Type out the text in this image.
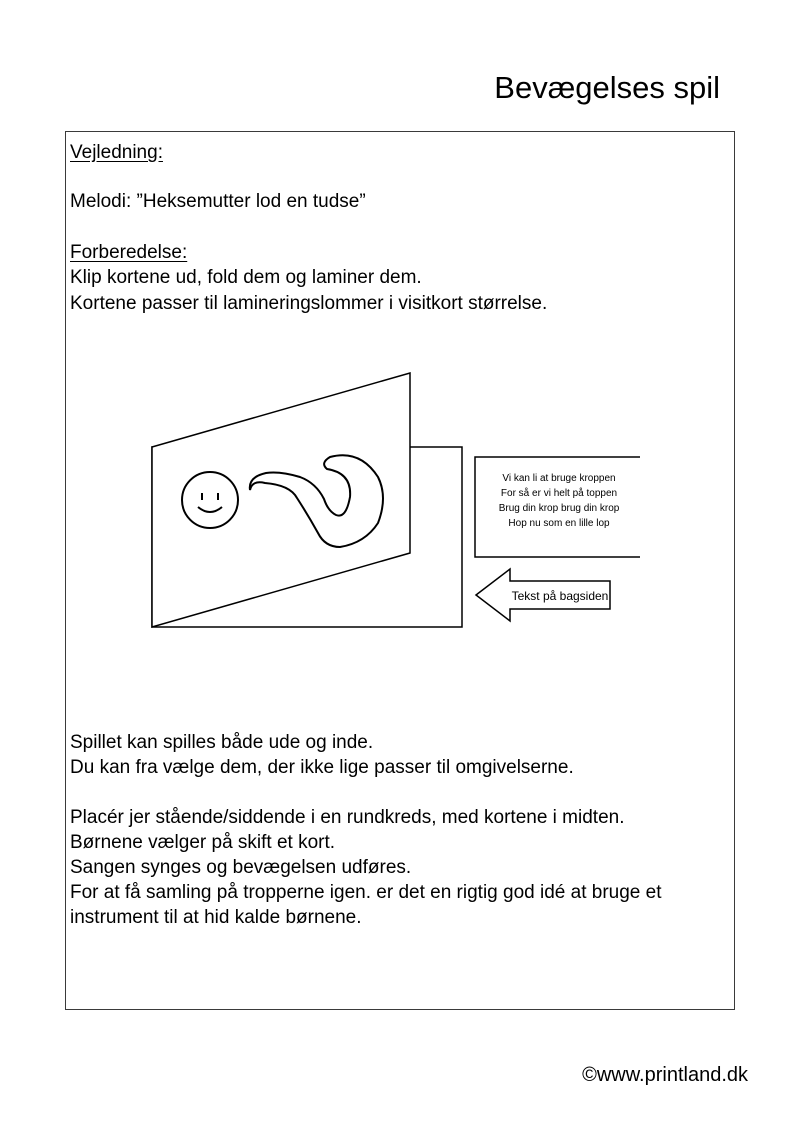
Bevægelses spil
Vejledning:
Melodi: ”Heksemutter lod en tudse”
Forberedelse:
Klip kortene ud, fold dem og laminer dem.
Kortene passer til lamineringslommer i visitkort størrelse.
Vi kan li at bruge kroppen
For så er vi helt på toppen
Brug din krop brug din krop
Hop nu som en lille lop
Tekst på bagsiden
Spillet kan spilles både ude og inde.
Du kan fra vælge dem, der ikke lige passer til omgivelserne.
Placér jer stående/siddende i en rundkreds, med kortene i midten.
Børnene vælger på skift et kort.
Sangen synges og bevægelsen udføres.
For at få samling på tropperne igen. er det en rigtig god idé at bruge et
instrument til at hid kalde børnene.
©www.printland.dk
